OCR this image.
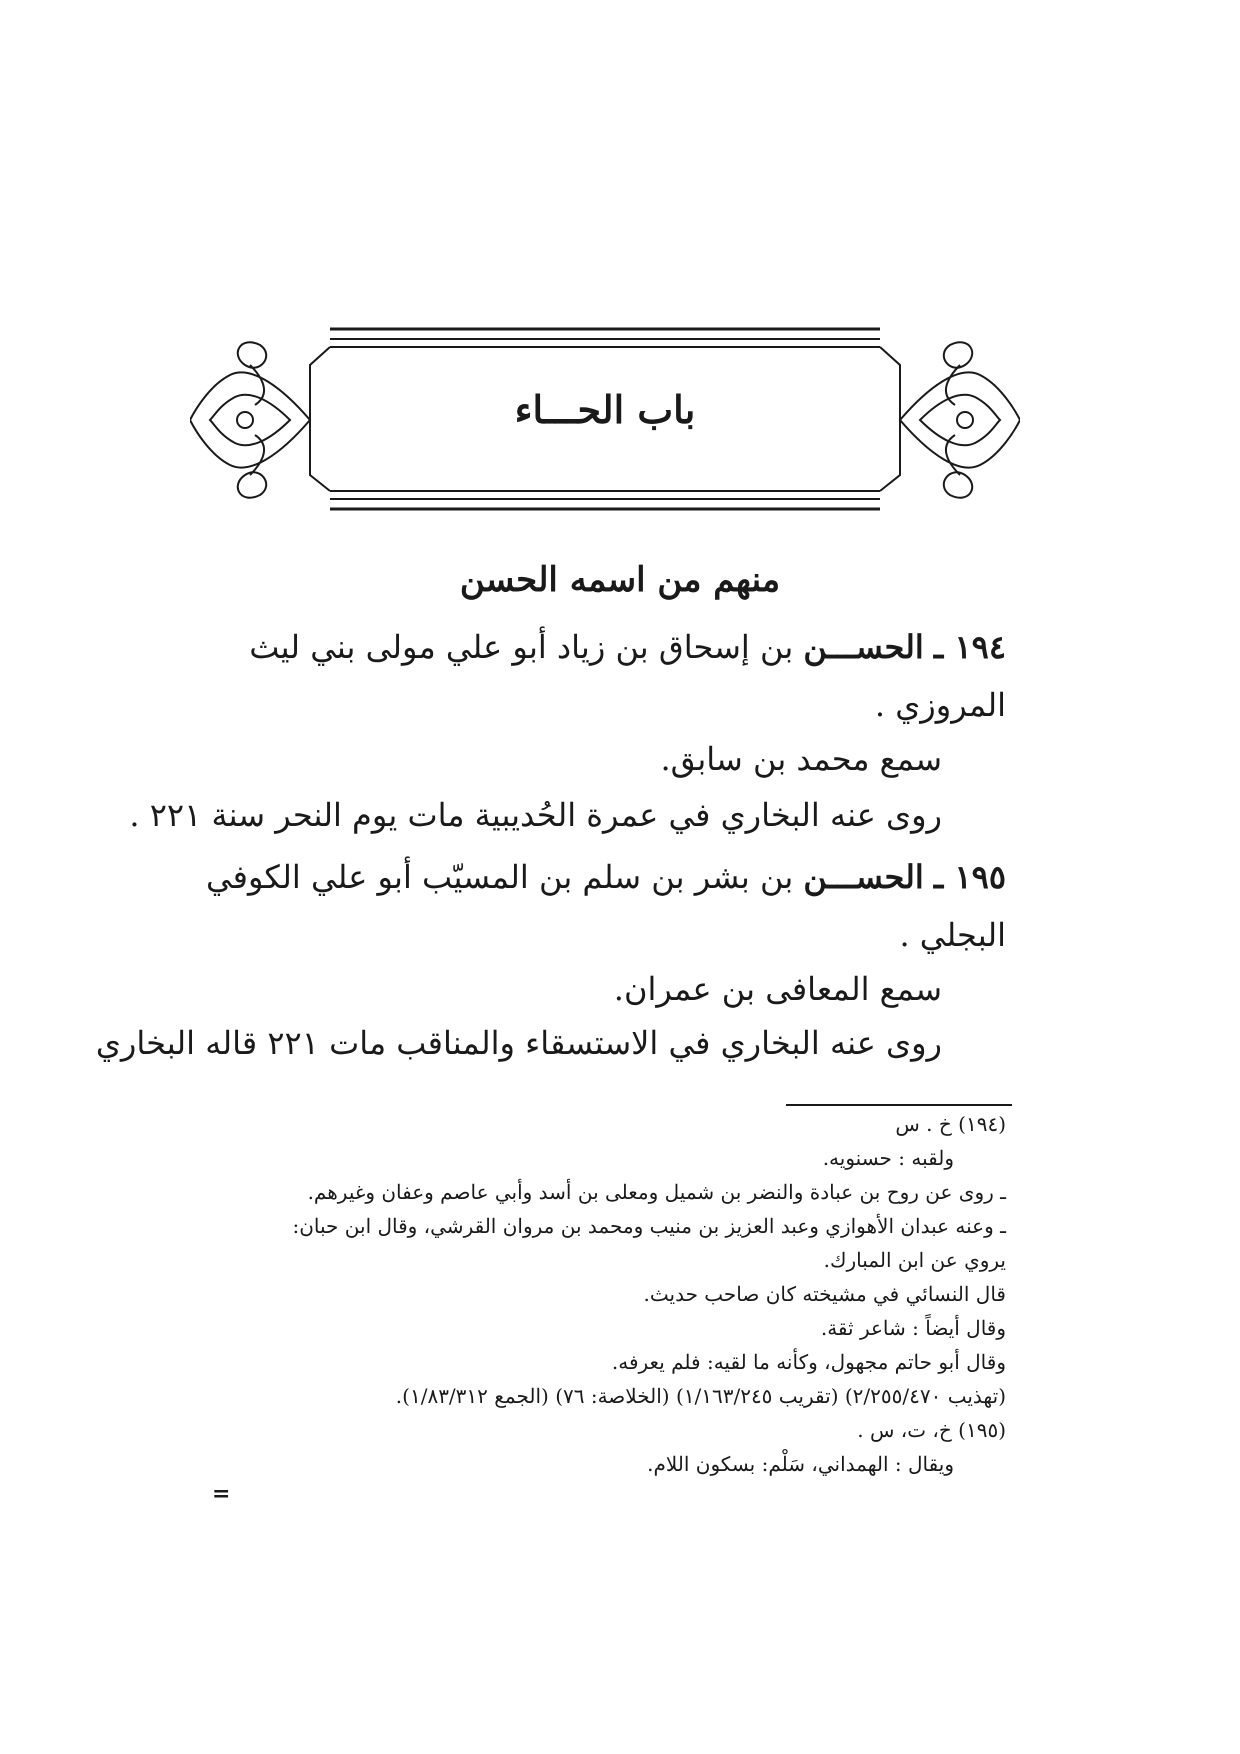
باب الحـــاء
منهم من اسمه الحسن
١٩٤ ـ الحســـن بن إسحاق بن زياد أبو علي مولى بني ليث
المروزي .
سمع محمد بن سابق.
روى عنه البخاري في عمرة الحُديبية مات يوم النحر سنة ٢٢١ .
١٩٥ ـ الحســـن بن بشر بن سلم بن المسيّب أبو علي الكوفي
البجلي .
سمع المعافى بن عمران.
روى عنه البخاري في الاستسقاء والمناقب مات ٢٢١ قاله البخاري
(١٩٤) خ . س
ولقبه : حسنويه.
ـ روى عن روح بن عبادة والنضر بن شميل ومعلى بن أسد وأبي عاصم وعفان وغيرهم.
ـ وعنه عبدان الأهوازي وعبد العزيز بن منيب ومحمد بن مروان القرشي، وقال ابن حبان:
يروي عن ابن المبارك.
قال النسائي في مشيخته كان صاحب حديث.
وقال أيضاً : شاعر ثقة.
وقال أبو حاتم مجهول، وكأنه ما لقيه: فلم يعرفه.
(تهذيب ٢/٢٥٥/٤٧٠) (تقريب ١/١٦٣/٢٤٥) (الخلاصة: ٧٦) (الجمع ١/٨٣/٣١٢).
(١٩٥) خ، ت، س .
ويقال : الهمداني، سَلْم: بسكون اللام.
=
